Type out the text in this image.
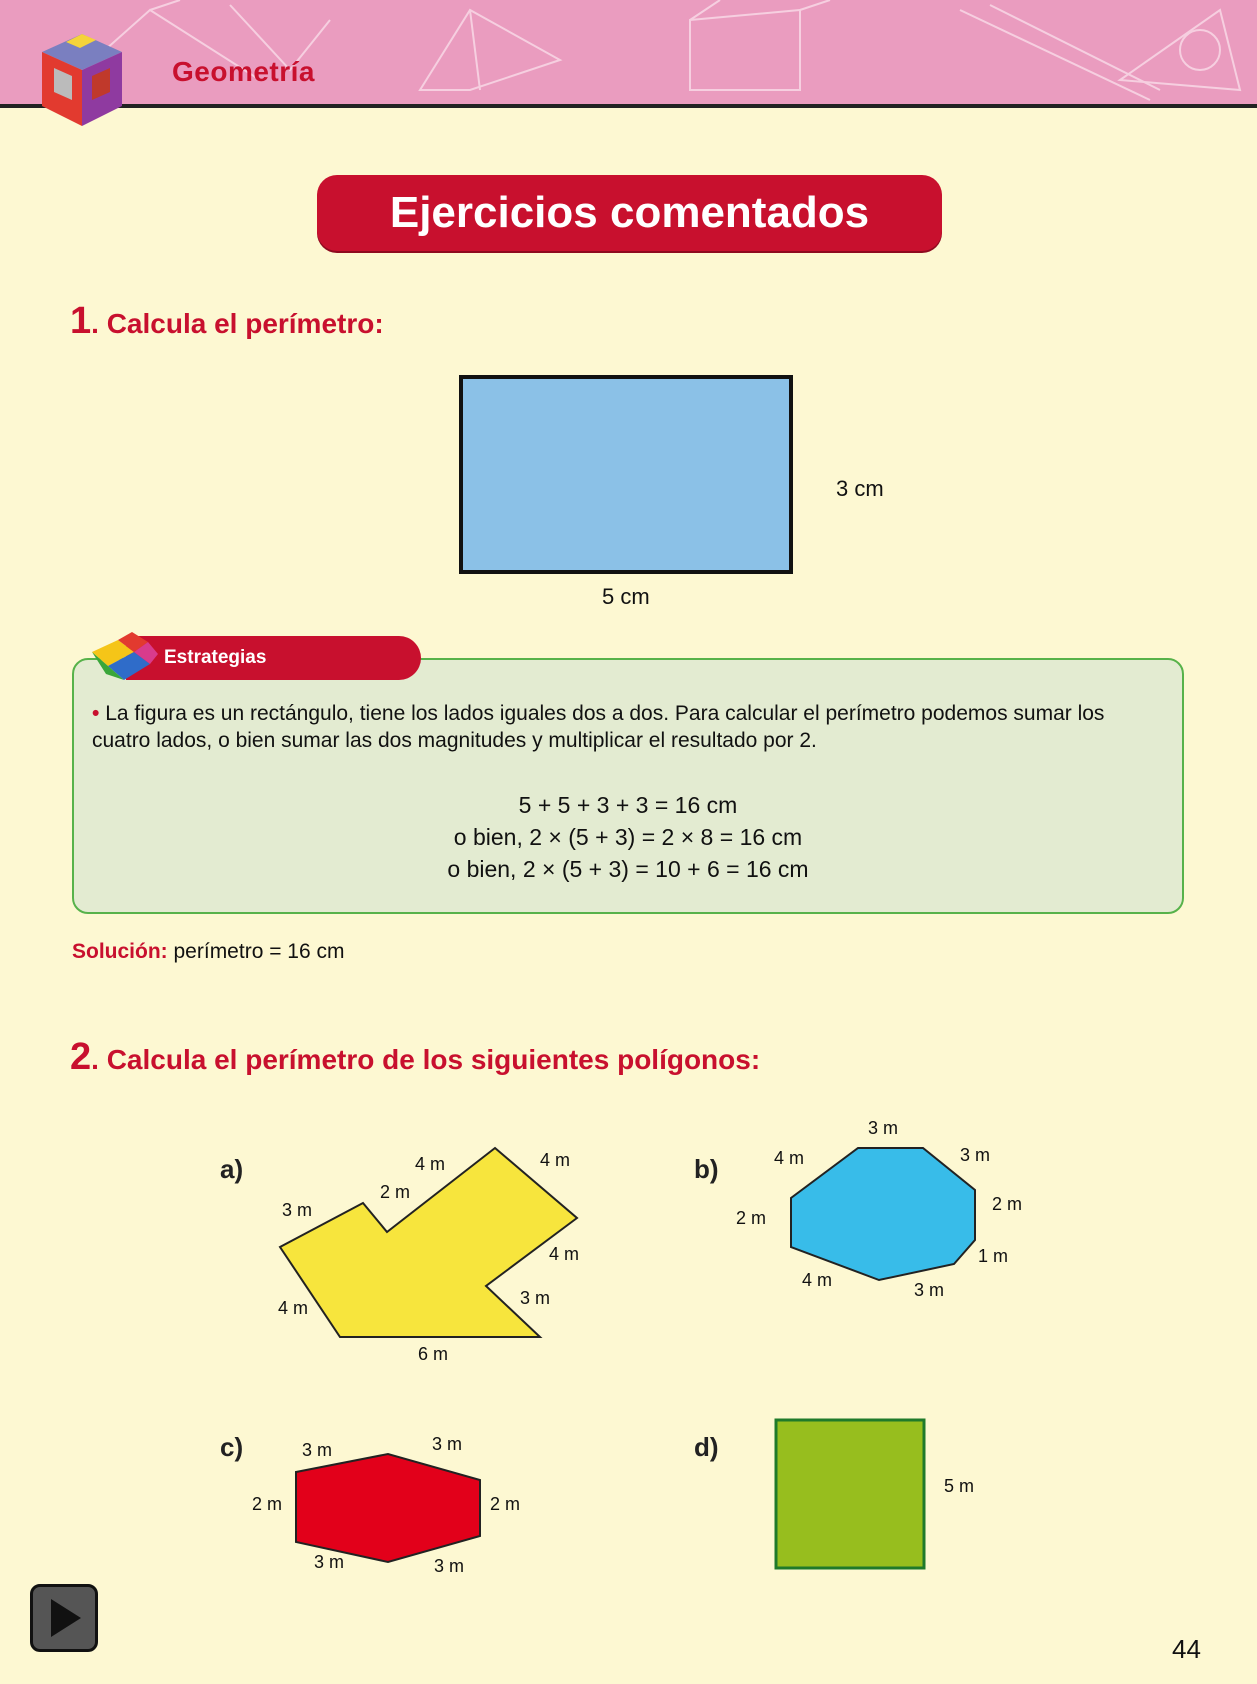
Geometría
Ejercicios comentados
1. Calcula el perímetro:
3 cm
5 cm
Estrategias
• La figura es un rectángulo, tiene los lados iguales dos a dos. Para calcular el perímetro podemos sumar los cuatro lados, o bien sumar las dos magnitudes y multiplicar el resultado por 2.
5 + 5 + 3 + 3 = 16 cm
o bien, 2 × (5 + 3) = 2 × 8 = 16 cm
o bien, 2 × (5 + 3) = 10 + 6 = 16 cm
Solución: perímetro = 16 cm
2. Calcula el perímetro de los siguientes polígonos:
a)	4 m	4 m
2 m
3 m
4 m
3 m
4 m
6 m
b)
3 m
4 m	3 m
2 m
2 m
1 m
4 m	3 m
c)	3 m	3 m
2 m	2 m
3 m	3 m
d)
5 m
44
